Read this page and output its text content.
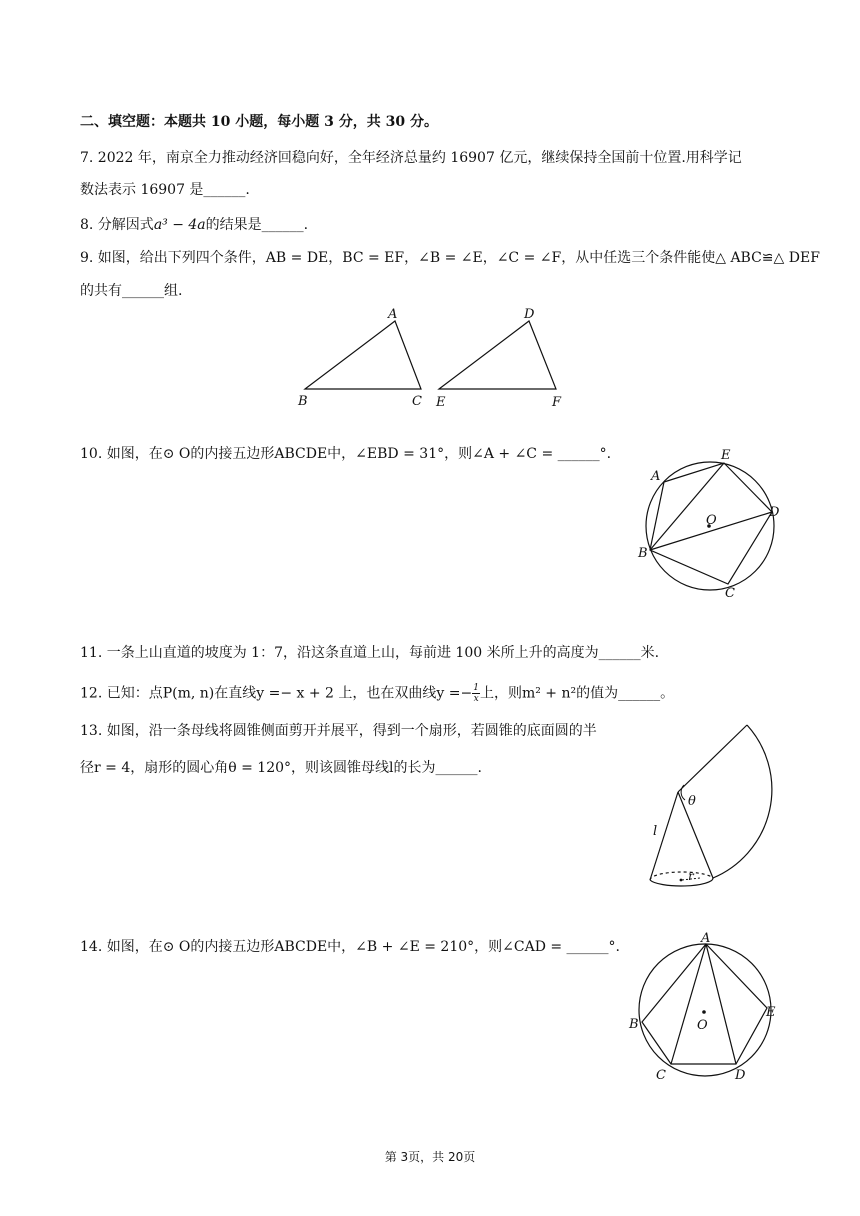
二、填空题：本题共 10 小题，每小题 3 分，共 30 分。
7. 2022 年，南京全力推动经济回稳向好，全年经济总量约 16907 亿元，继续保持全国前十位置.用科学记
数法表示 16907 是______.
8. 分解因式a³ − 4a的结果是______.
9. 如图，给出下列四个条件，AB = DE，BC = EF，∠B = ∠E，∠C = ∠F，从中任选三个条件能使△ ABC≌△ DEF
的共有______组.
A
B	C
D
E	F
10. 如图，在⊙ O的内接五边形ABCDE中，∠EBD = 31°，则∠A + ∠C = ______°.
A
B
C
D
E
O
11. 一条上山直道的坡度为 1：7，沿这条直道上山，每前进 100 米所上升的高度为______米.
12. 已知：点P(m, n)在直线y =− x + 2 上，也在双曲线$y =- \frac{1}{x}$ 上，则m² + n²的值为______。
13. 如图，沿一条母线将圆锥侧面剪开并展平，得到一个扇形，若圆锥的底面圆的半
径r = 4，扇形的圆心角θ = 120°，则该圆锥母线l的长为______.
θ
l
r
14. 如图，在⊙ O的内接五边形ABCDE中，∠B + ∠E = 210°，则∠CAD = ______°.
A
B
C	D
E
O
第 3页，共 20页
